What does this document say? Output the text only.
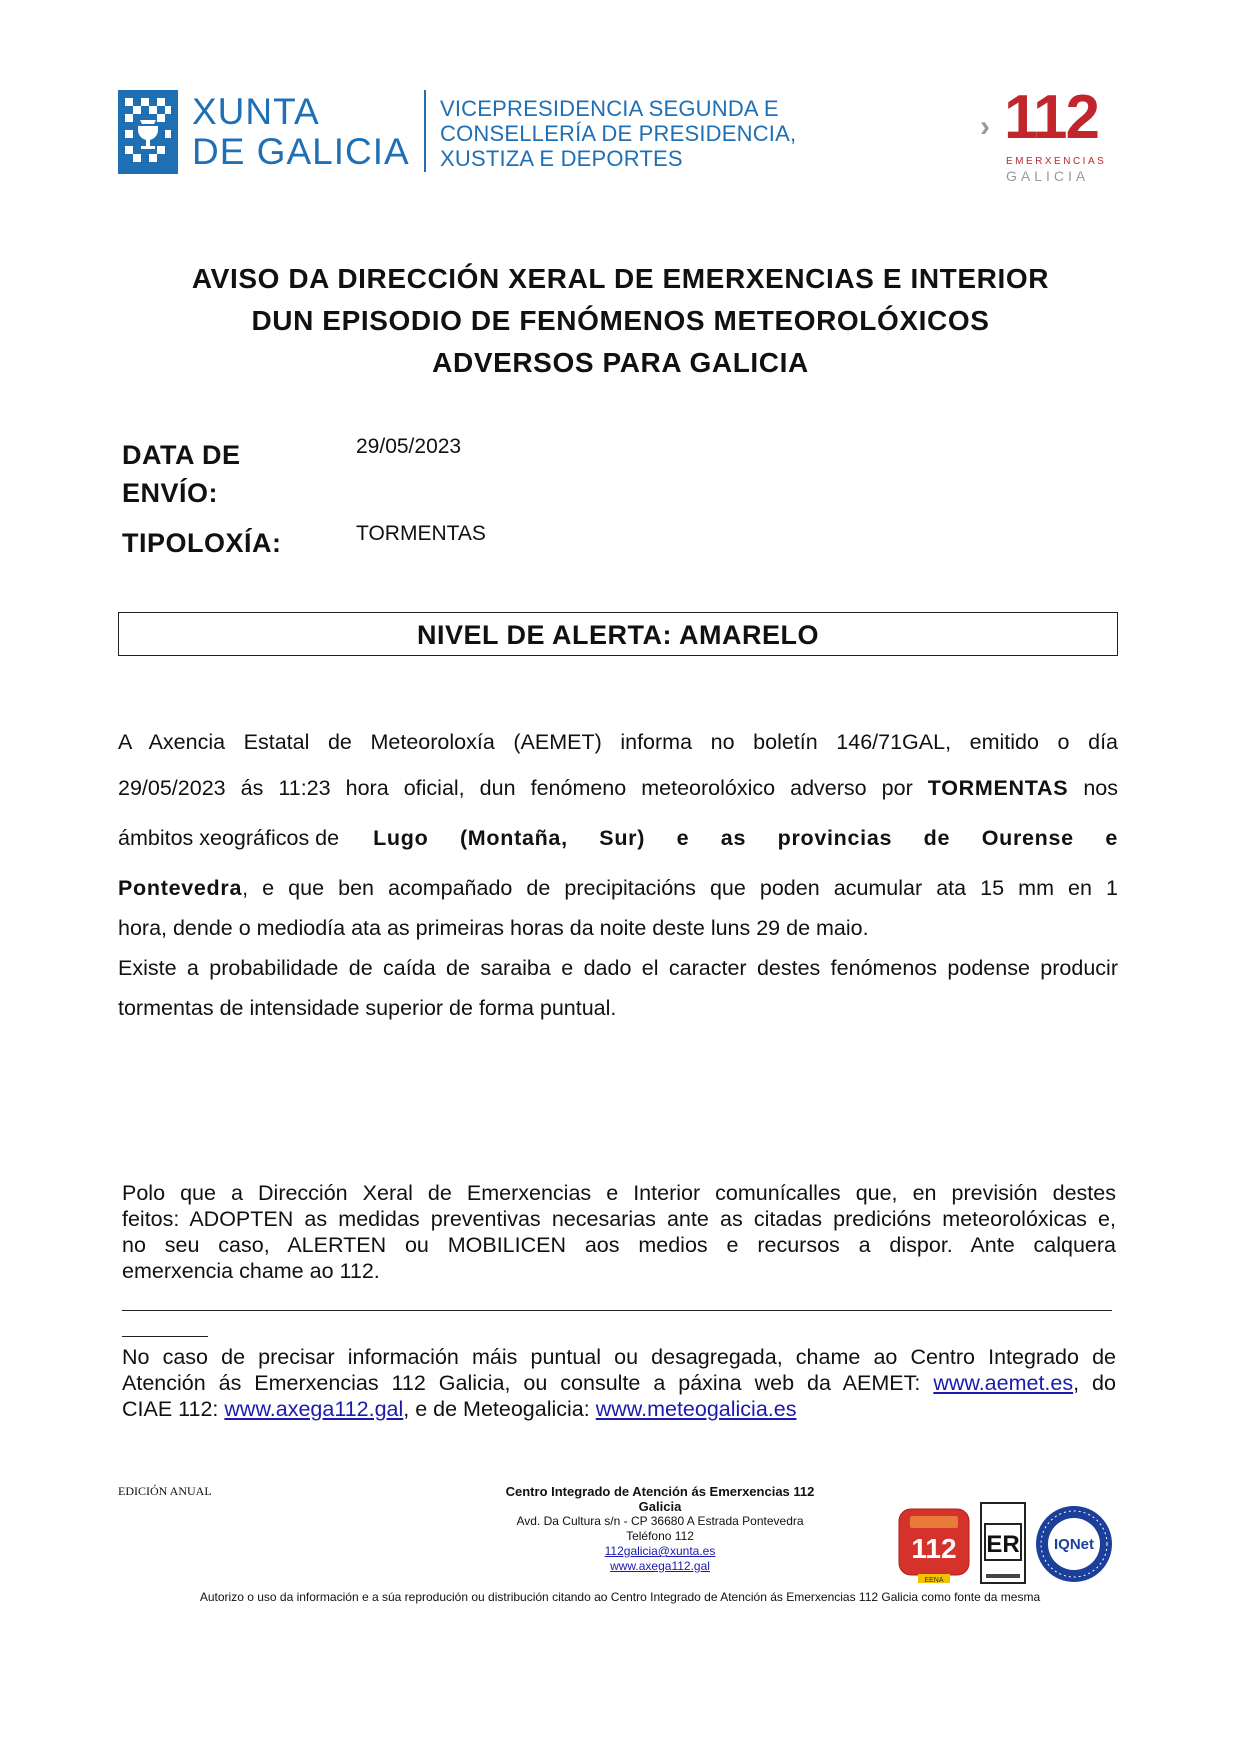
XUNTA
DE GALICIA
VICEPRESIDENCIA SEGUNDA E
CONSELLERÍA DE PRESIDENCIA,
XUSTIZA E DEPORTES
› 112
EMERXENCIAS
GALICIA
AVISO DA DIRECCIÓN XERAL DE EMERXENCIAS E INTERIOR
DUN EPISODIO DE FENÓMENOS METEOROLÓXICOS
ADVERSOS PARA GALICIA
DATA DE
ENVÍO:
29/05/2023
TIPOLOXÍA:	TORMENTAS
NIVEL DE ALERTA: AMARELO
A Axencia Estatal de Meteoroloxía (AEMET) informa no boletín 146/71GAL, emitido o día
29/05/2023 ás 11:23 hora oficial, dun fenómeno meteorolóxico adverso por TORMENTAS nos
ámbitos xeográficos de Lugo (Montaña, Sur) e as provincias de Ourense e
Pontevedra , e que ben acompañado de precipitacións que poden acumular ata 15 mm en 1
hora, dende o mediodía ata as primeiras horas da noite deste luns 29 de maio.
Existe a probabilidade de caída de saraiba e dado el caracter destes fenómenos podense producir
tormentas de intensidade superior de forma puntual.
Polo que a Dirección Xeral de Emerxencias e Interior comunícalles que, en previsión destes
feitos: ADOPTEN as medidas preventivas necesarias ante as citadas predicións meteorolóxicas e,
no seu caso, ALERTEN ou MOBILICEN aos medios e recursos a dispor. Ante calquera
emerxencia chame ao 112.
No caso de precisar información máis puntual ou desagregada, chame ao Centro Integrado de
Atención ás Emerxencias 112 Galicia, ou consulte a páxina web da AEMET: www.aemet.es, do
CIAE 112: www.axega112.gal, e de Meteogalicia: www.meteogalicia.es
EDICIÓN ANUAL	Centro Integrado de Atención ás Emerxencias 112
Galicia
Avd. Da Cultura s/n - CP 36680 A Estrada Pontevedra
Teléfono 112
112galicia@xunta.es
www.axega112.gal
112
EENA
ER IQNet
Autorizo o uso da información e a súa reprodución ou distribución citando ao Centro Integrado de Atención ás Emerxencias 112 Galicia como fonte da mesma
